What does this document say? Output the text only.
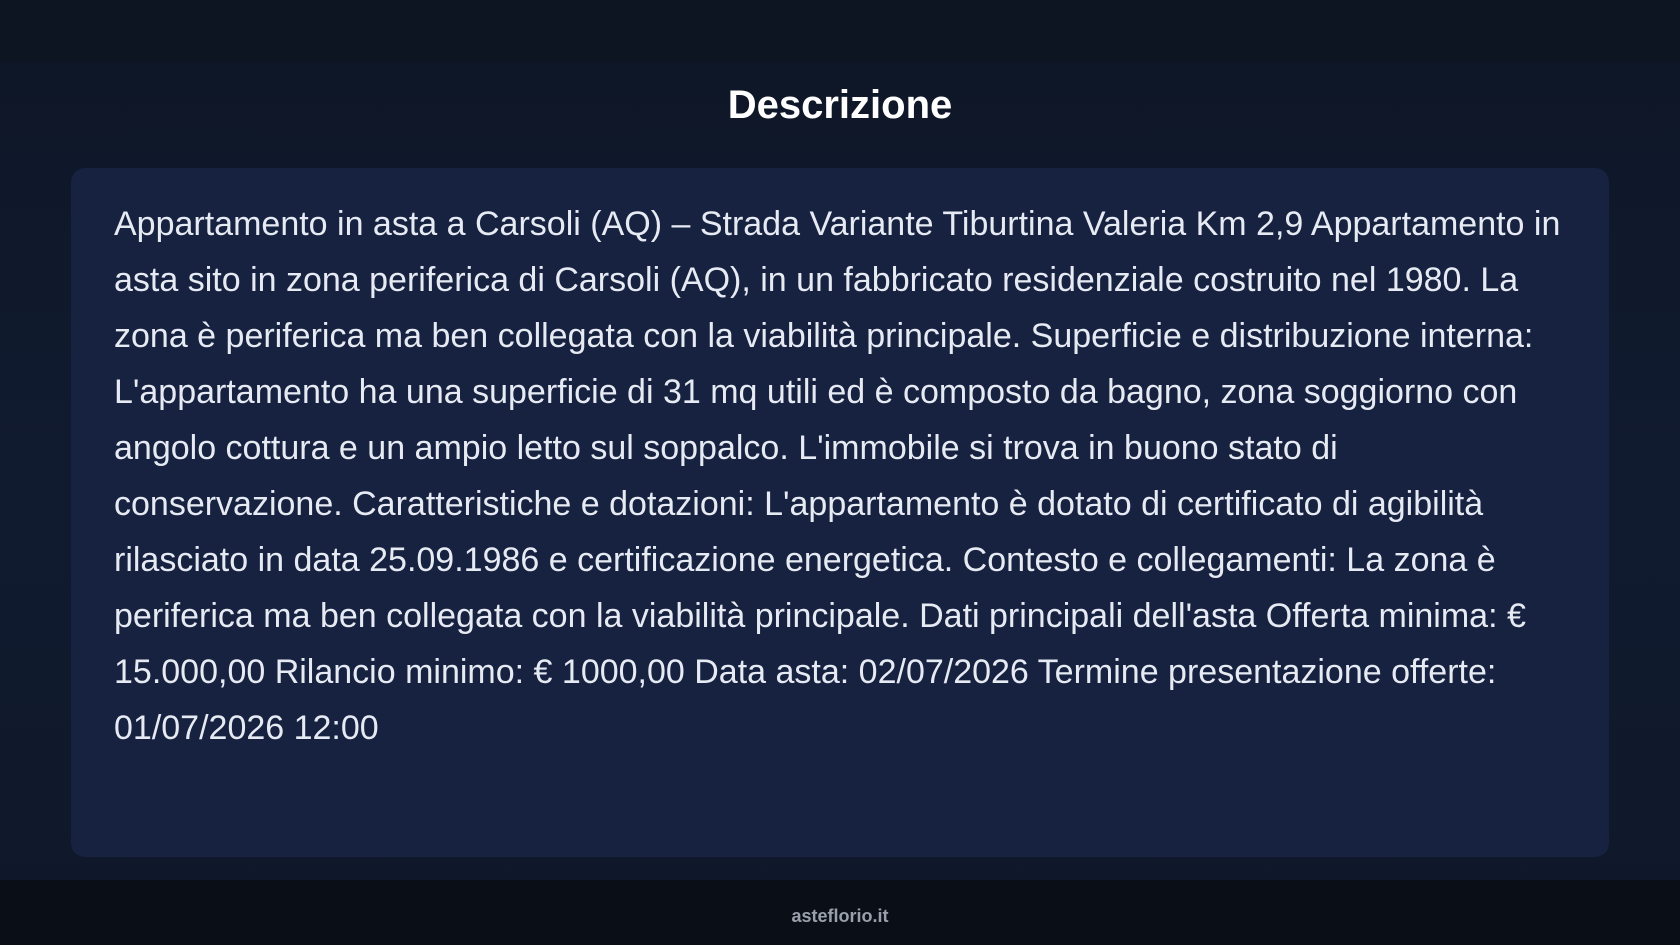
Descrizione

Appartamento in asta a Carsoli (AQ) – Strada Variante Tiburtina Valeria Km 2,9 Appartamento in asta sito in zona periferica di Carsoli (AQ), in un fabbricato residenziale costruito nel 1980. La zona è periferica ma ben collegata con la viabilità principale. Superficie e distribuzione interna: L'appartamento ha una superficie di 31 mq utili ed è composto da bagno, zona soggiorno con angolo cottura e un ampio letto sul soppalco. L'immobile si trova in buono stato di conservazione. Caratteristiche e dotazioni: L'appartamento è dotato di certificato di agibilità rilasciato in data 25.09.1986 e certificazione energetica. Contesto e collegamenti: La zona è periferica ma ben collegata con la viabilità principale. Dati principali dell'asta Offerta minima: € 15.000,00 Rilancio minimo: € 1000,00 Data asta: 02/07/2026 Termine presentazione offerte: 01/07/2026 12:00

asteflorio.it
